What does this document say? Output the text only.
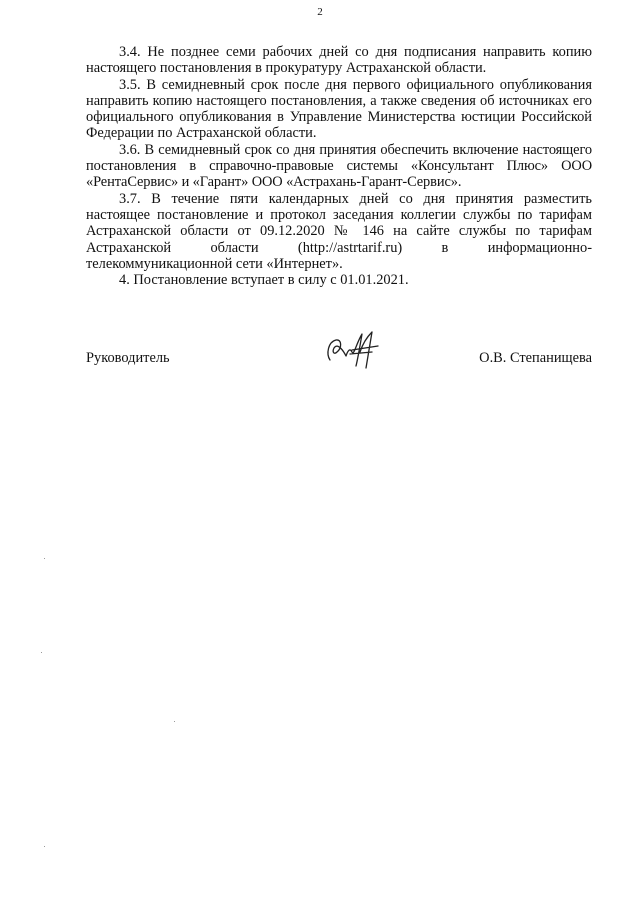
2

3.4. Не позднее семи рабочих дней со дня подписания направить копию настоящего постановления в прокуратуру Астраханской области.

3.5. В семидневный срок после дня первого официального опубликования направить копию настоящего постановления, а также сведения об источниках его официального опубликования в Управление Министерства юстиции Российской Федерации по Астраханской области.

3.6. В семидневный срок со дня принятия обеспечить включение настоящего постановления в справочно-правовые системы «Консультант Плюс» ООО «РентаСервис» и «Гарант» ООО «Астрахань-Гарант-Сервис».

3.7. В течение пяти календарных дней со дня принятия разместить настоящее постановление и протокол заседания коллегии службы по тарифам Астраханской области от 09.12.2020 № 146 на сайте службы по тарифам Астраханской области (http://astrtarif.ru) в информационно-телекоммуникационной сети «Интернет».

4. Постановление вступает в силу с 01.01.2021.

Руководитель	О.В. Степанищева
